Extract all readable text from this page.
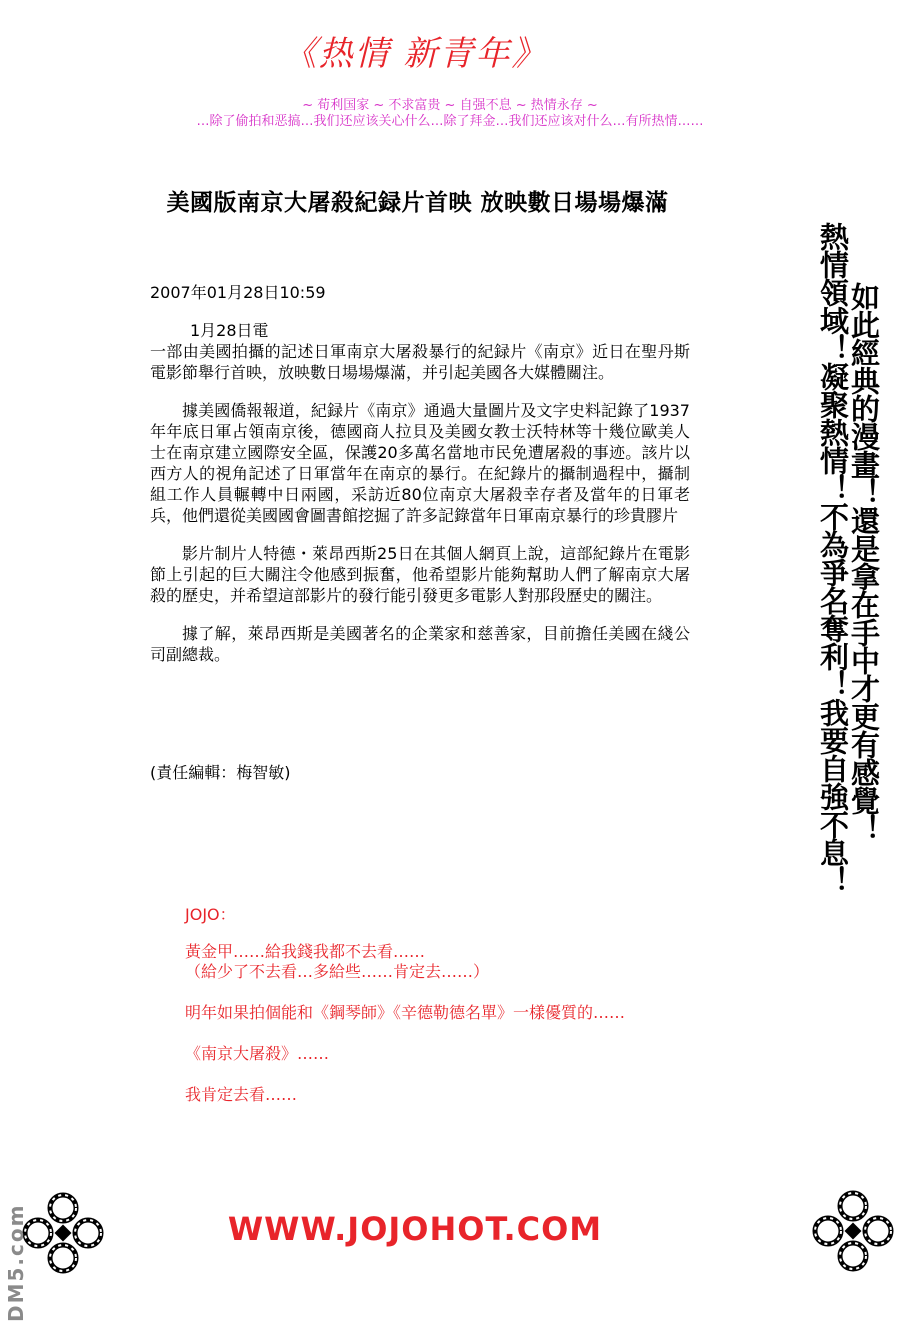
《热情 新青年》
~ 荀利国家 ~ 不求富贵 ~ 自强不息 ~ 热情永存 ~
…除了偷拍和恶搞…我们还应该关心什么…除了拜金…我们还应该对什么…有所热情……
美國版南京大屠殺紀録片首映 放映數日場場爆滿
2007年01月28日10:59

1月28日電

一部由美國拍攝的記述日軍南京大屠殺暴行的紀録片《南京》近日在聖丹斯電影節舉行首映，放映數日場場爆滿，并引起美國各大媒體關注。

據美國僑報報道，紀録片《南京》通過大量圖片及文字史料記錄了1937年年底日軍占領南京後，德國商人拉貝及美國女教士沃特林等十幾位歐美人士在南京建立國際安全區，保護20多萬名當地市民免遭屠殺的事迹。該片以西方人的視角記述了日軍當年在南京的暴行。在紀錄片的攝制過程中，攝制組工作人員輾轉中日兩國，采訪近80位南京大屠殺幸存者及當年的日軍老兵，他們還從美國國會圖書館挖掘了許多記錄當年日軍南京暴行的珍貴膠片

影片制片人特德・萊昂西斯25日在其個人網頁上說，這部紀錄片在電影節上引起的巨大關注令他感到振奮，他希望影片能夠幫助人們了解南京大屠殺的歷史，并希望這部影片的發行能引發更多電影人對那段歷史的關注。

據了解，萊昂西斯是美國著名的企業家和慈善家，目前擔任美國在綫公司副總裁。

(責任編輯：梅智敏)	熱情領域！凝聚熱情！不為爭名奪利！我要自強不息！
如此經典的漫畫！還是拿在手中才更有感覺！
JOJO：
黃金甲……給我錢我都不去看……
（給少了不去看…多給些……肯定去……）
明年如果拍個能和《鋼琴師》《辛德勒德名單》一樣優質的……
《南京大屠殺》……
我肯定去看……
WWW.JOJOHOT.COM
DM5.com
